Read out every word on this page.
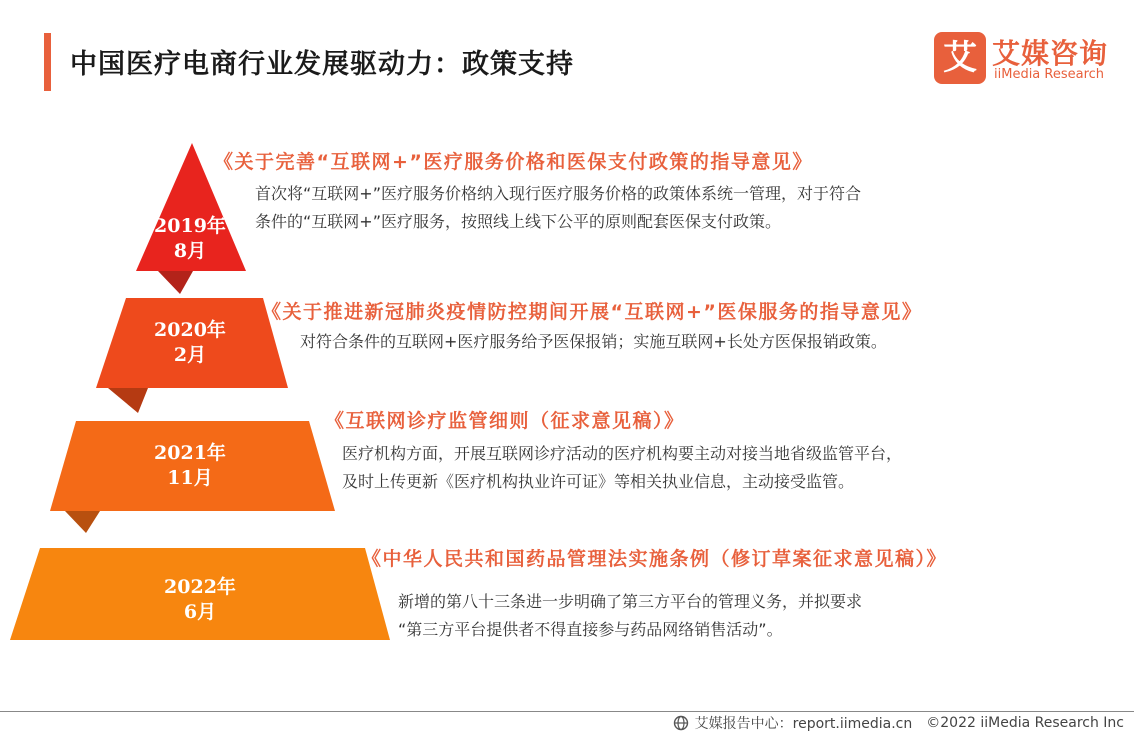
中国医疗电商行业发展驱动力：政策支持	艾 艾媒咨询
iiMedia Research
2019年
8月
《关于完善“互联网+”医疗服务价格和医保支付政策的指导意见》
首次将“互联网+”医疗服务价格纳入现行医疗服务价格的政策体系统一管理，对于符合
条件的“互联网+”医疗服务，按照线上线下公平的原则配套医保支付政策。
2020年
2月
《关于推进新冠肺炎疫情防控期间开展“互联网+”医保服务的指导意见》
对符合条件的互联网+医疗服务给予医保报销；实施互联网+长处方医保报销政策。
2021年
11月
《互联网诊疗监管细则（征求意见稿）》
医疗机构方面，开展互联网诊疗活动的医疗机构要主动对接当地省级监管平台，
及时上传更新《医疗机构执业许可证》等相关执业信息，主动接受监管。
2022年
6月
《中华人民共和国药品管理法实施条例（修订草案征求意见稿）》
新增的第八十三条进一步明确了第三方平台的管理义务，并拟要求
“第三方平台提供者不得直接参与药品网络销售活动”。
艾媒报告中心：report.iimedia.cn ©2022 iiMedia Research Inc
